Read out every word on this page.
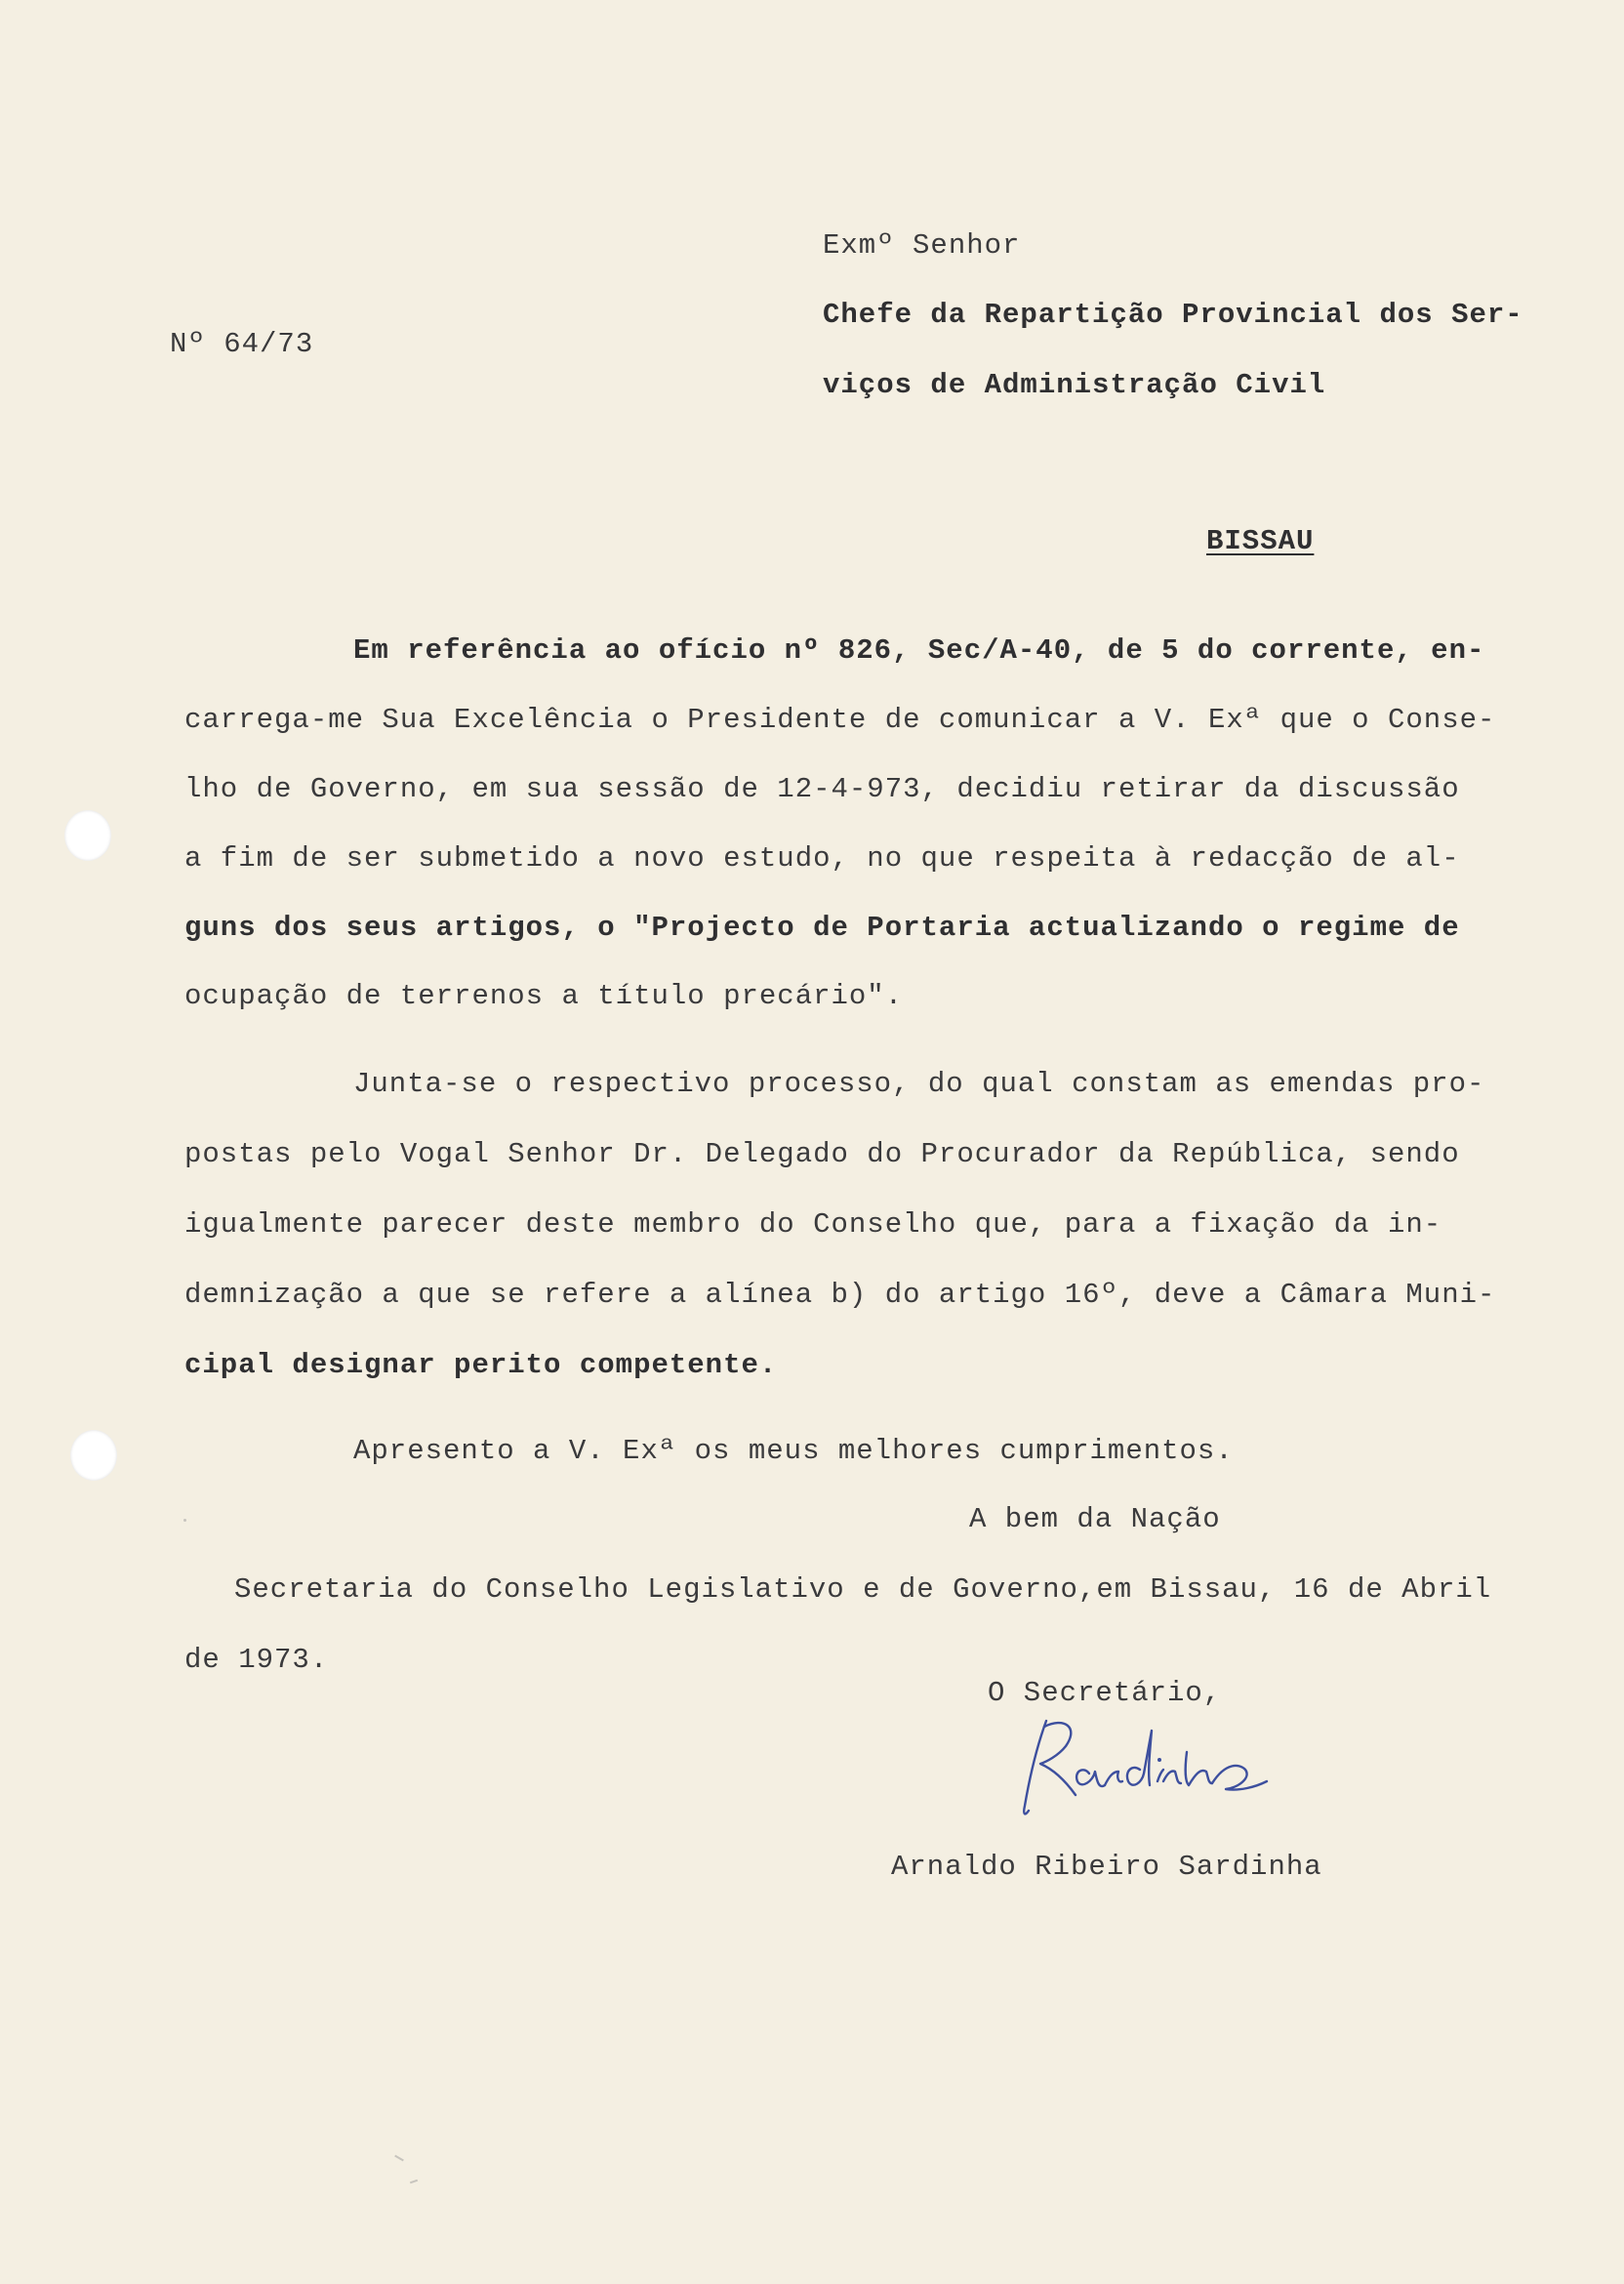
Nº 64/73

Exmº Senhor

Chefe da Repartição Provincial dos Ser-

viços de Administração Civil

BISSAU

Em referência ao ofício nº 826, Sec/A-40, de 5 do corrente, en-

carrega-me Sua Excelência o Presidente de comunicar a V. Exª que o Conse-

lho de Governo, em sua sessão de 12-4-973, decidiu retirar da discussão

a fim de ser submetido a novo estudo, no que respeita à redacção de al-

guns dos seus artigos, o "Projecto de Portaria actualizando o regime de

ocupação de terrenos a título precário".

Junta-se o respectivo processo, do qual constam as emendas pro-

postas pelo Vogal Senhor Dr. Delegado do Procurador da República, sendo

igualmente parecer deste membro do Conselho que, para a fixação da in-

demnização a que se refere a alínea b) do artigo 16º, deve a Câmara Muni-

cipal designar perito competente.

Apresento a V. Exª os meus melhores cumprimentos.

A bem da Nação

Secretaria do Conselho Legislativo e de Governo,em Bissau, 16 de Abril

de 1973.

O Secretário,

Arnaldo Ribeiro Sardinha
